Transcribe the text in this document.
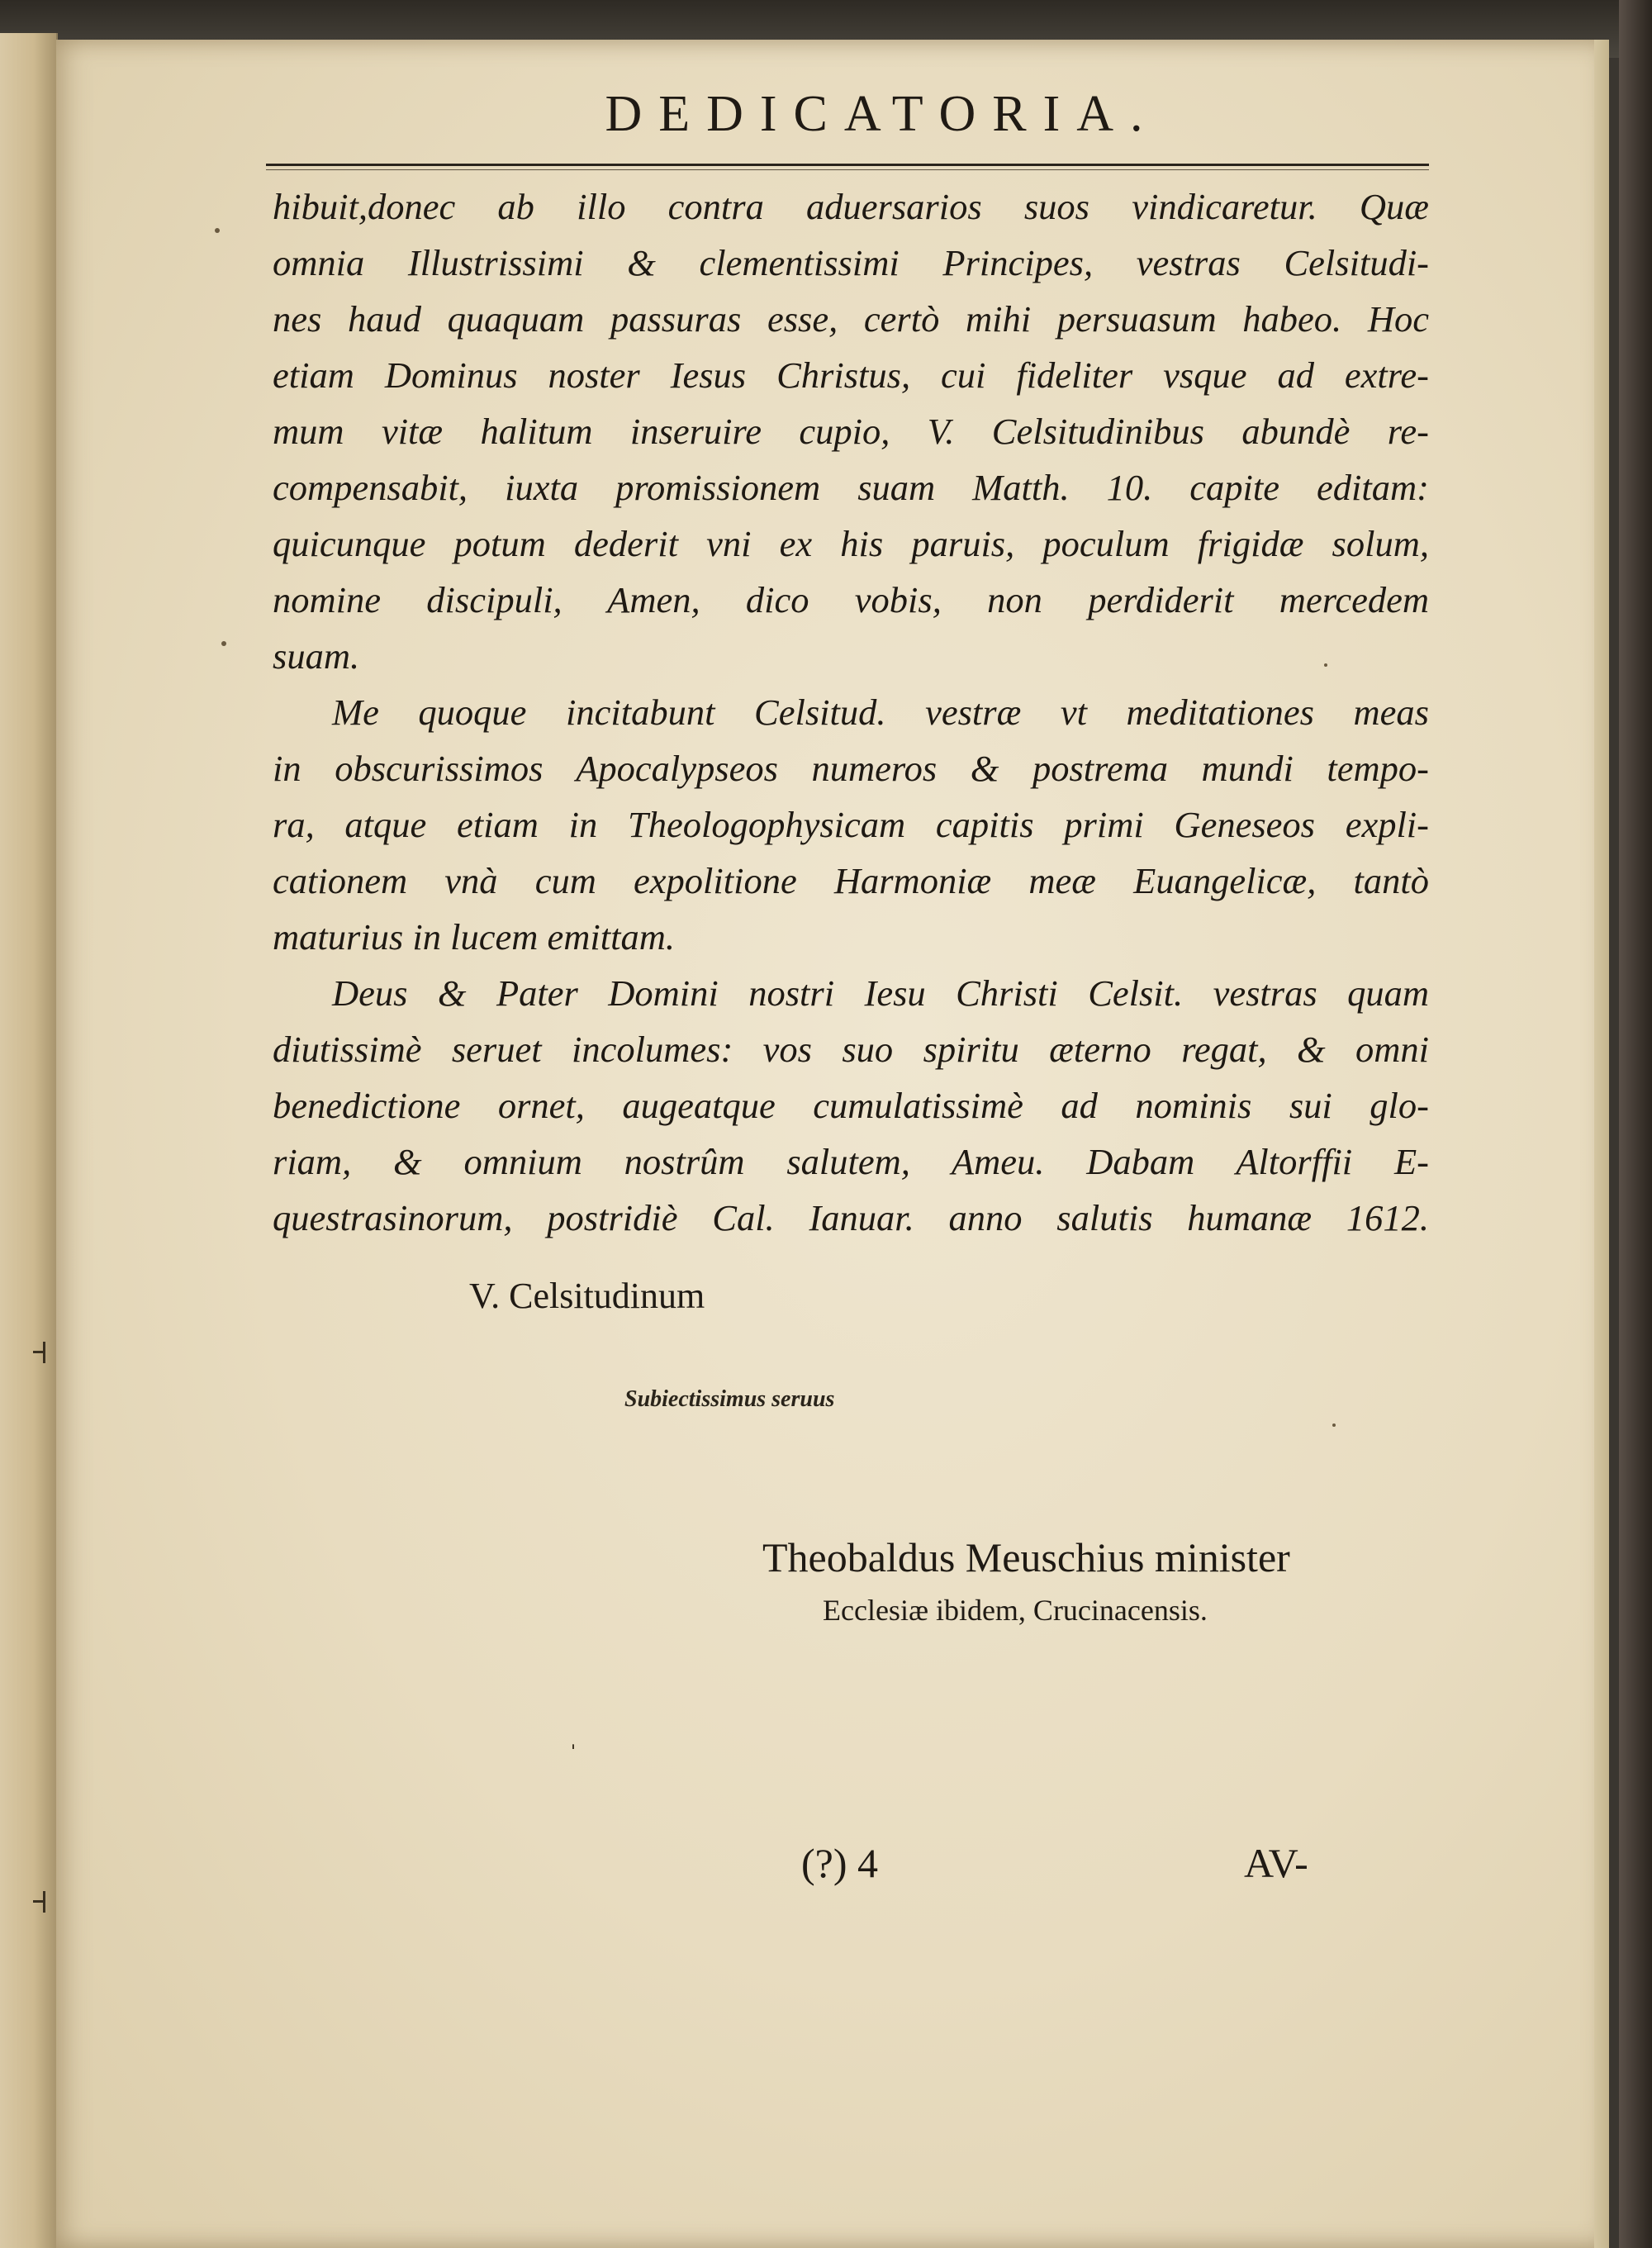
DEDICATORIA.
hibuit,donec ab illo contra aduersarios suos vindicaretur. Quæ
omnia Illustrissimi & clementissimi Principes, vestras Celsitudi-
nes haud quaquam passuras esse, certò mihi persuasum habeo. Hoc
etiam Dominus noster Iesus Christus, cui fideliter vsque ad extre-
mum vitæ halitum inseruire cupio, V. Celsitudinibus abundè re-
compensabit, iuxta promissionem suam Matth. 10. capite editam:
quicunque potum dederit vni ex his paruis, poculum frigidæ solum,
nomine discipuli, Amen, dico vobis, non perdiderit mercedem
suam.
Me quoque incitabunt Celsitud. vestræ vt meditationes meas
in obscurissimos Apocalypseos numeros & postrema mundi tempo-
ra, atque etiam in Theologophysicam capitis primi Geneseos expli-
cationem vnà cum expolitione Harmoniæ meæ Euangelicæ, tantò
maturius in lucem emittam.
Deus & Pater Domini nostri Iesu Christi Celsit. vestras quam
diutissimè seruet incolumes: vos suo spiritu æterno regat, & omni
benedictione ornet, augeatque cumulatissimè ad nominis sui glo-
riam, & omnium nostrûm salutem, Ameu. Dabam Altorffii E-
questrasinorum, postridiè Cal. Ianuar. anno salutis humanæ 1612.
V. Celsitudinum
Subiectissimus seruus
Theobaldus Meuschius minister
Ecclesiæ ibidem, Crucinacensis.
ˌ
(?) 4	AV-
